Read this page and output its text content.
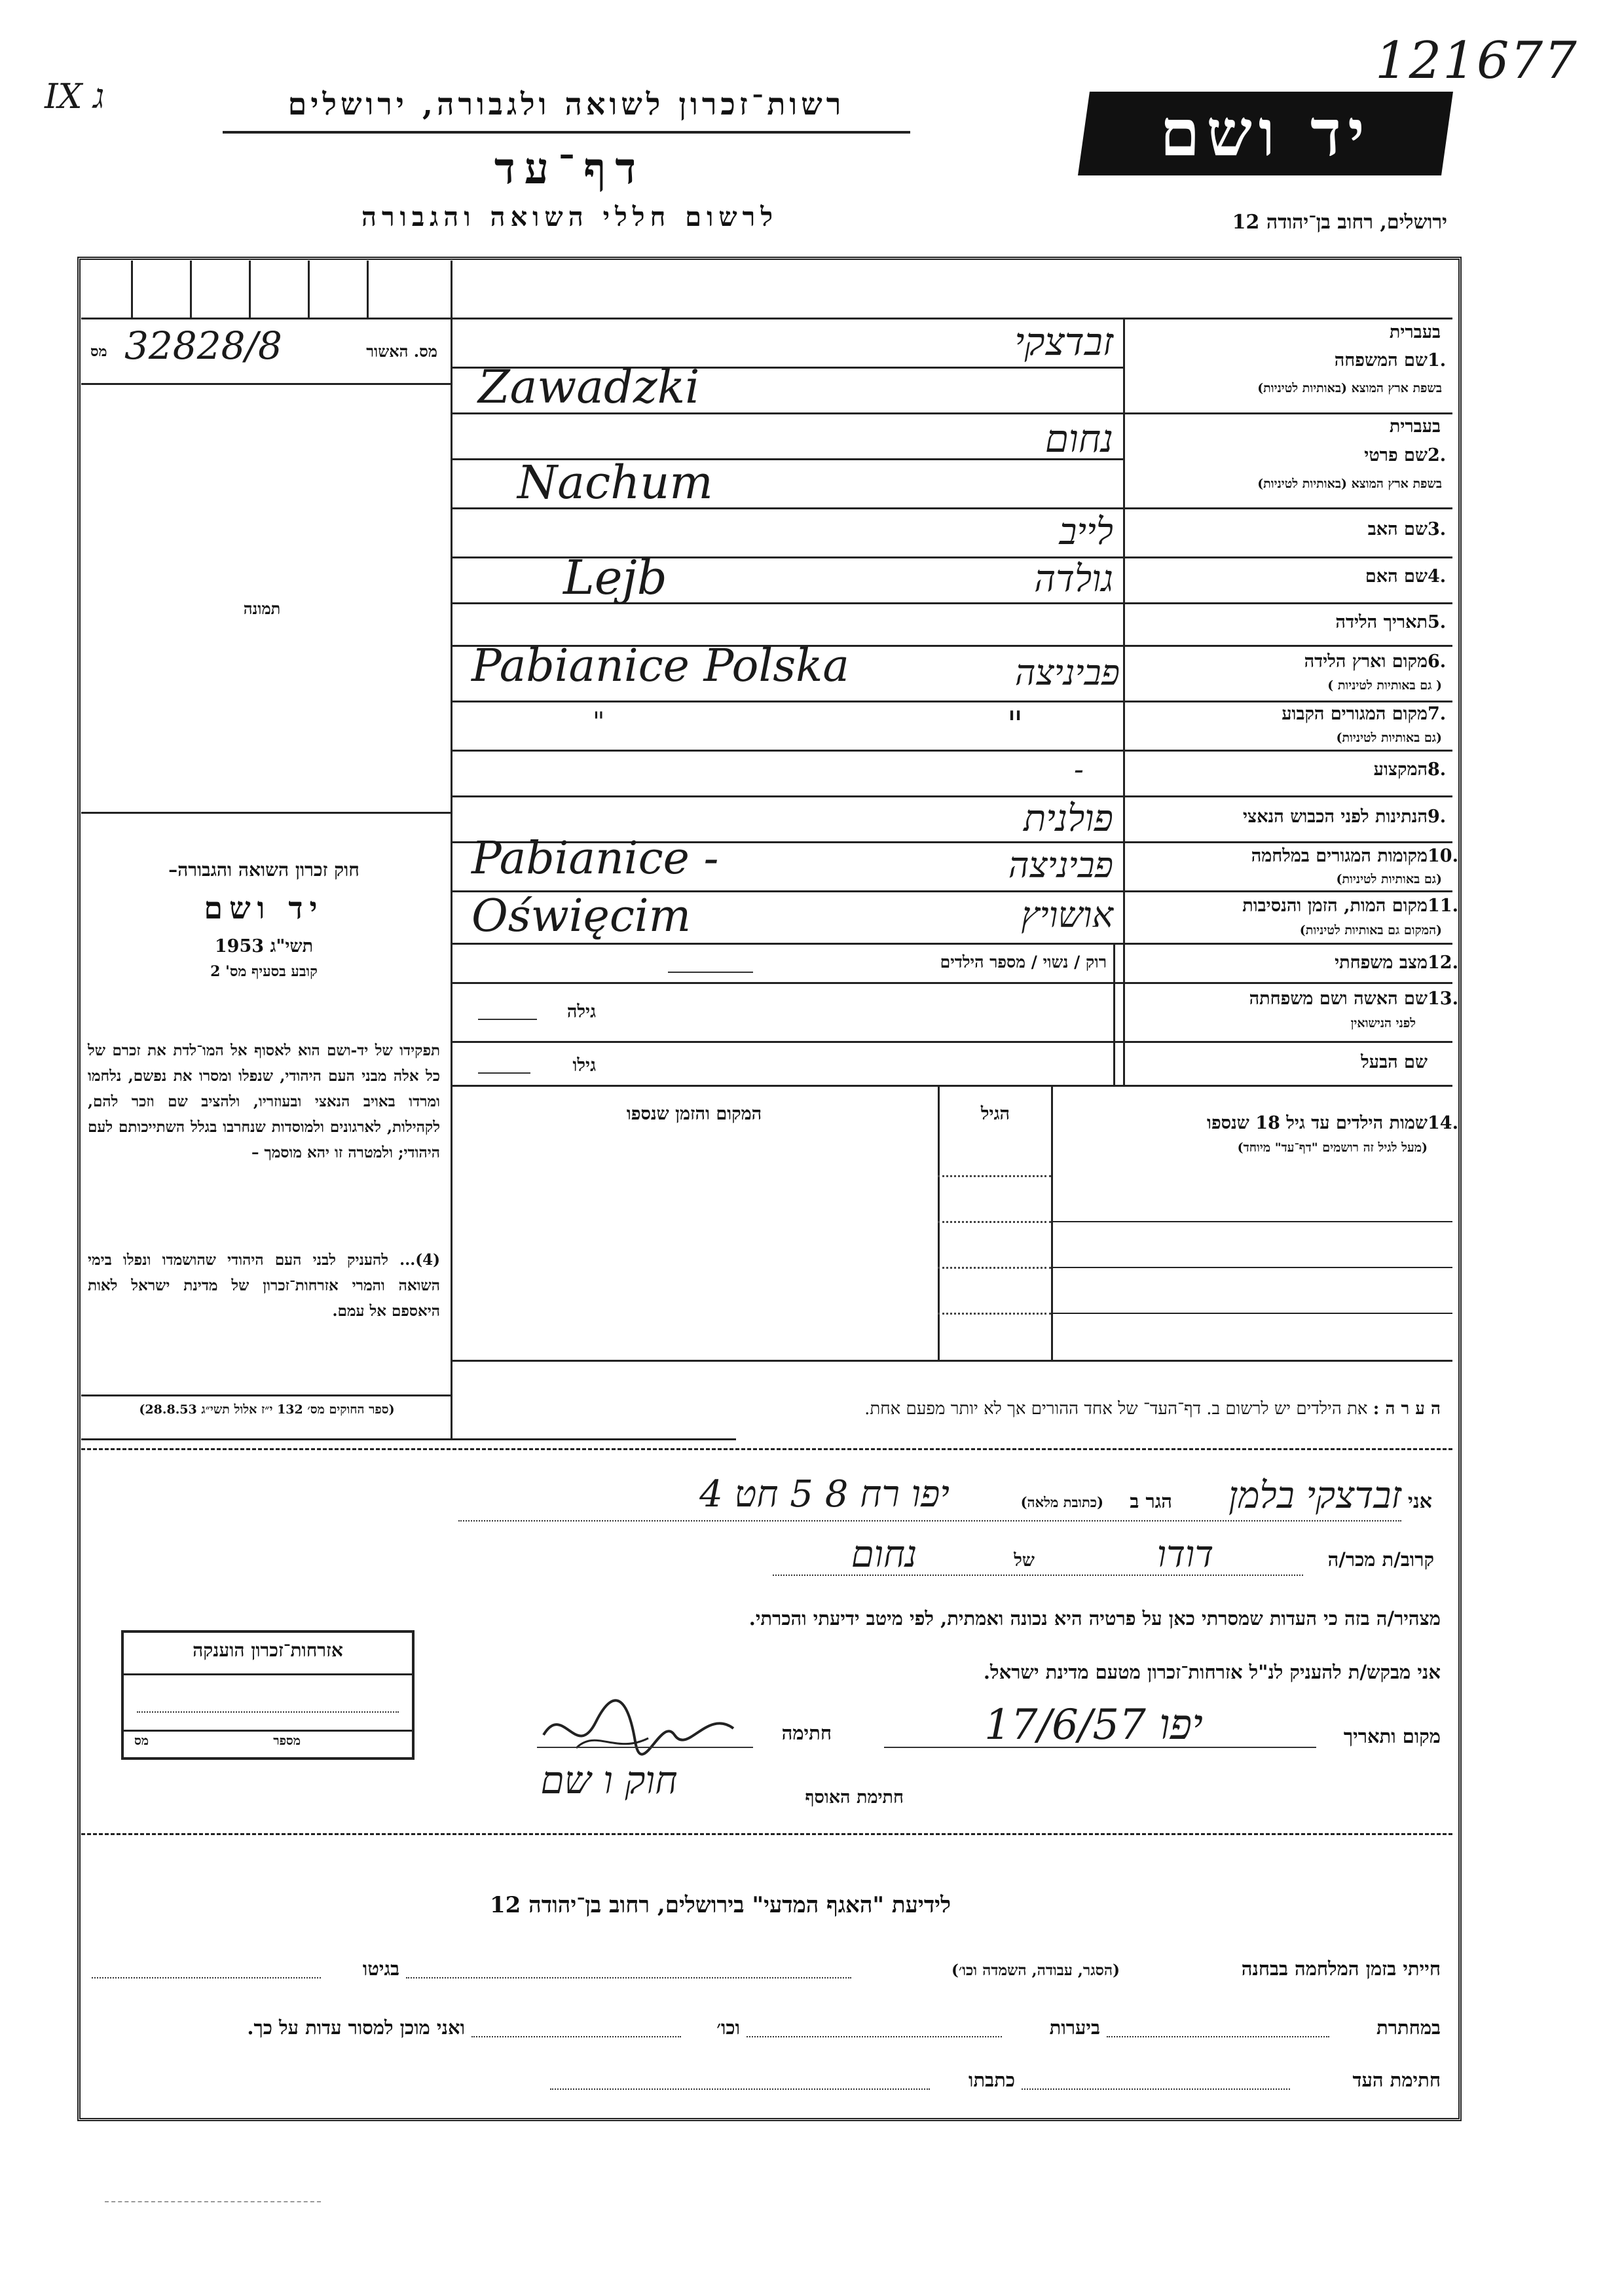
IX ג
121677
רשות־זכרון לשואה ולגבורה, ירושלים
דף־עד
לרשום חללי השואה והגבורה
יד ושם
ירושלים, רחוב בן־יהודה 12
מס. האשור
32828/8
מס
תמונה
חוק זכרון השואה והגבורה–
יד ושם
תשי"ג 1953
קובע בסעיף מס' 2
תפקידו של יד-ושם הוא לאסוף אל המו־לדת את זכרם של כל אלה מבני העם היהודי, שנפלו ומסרו את נפשם, נלחמו ומרדו באויב הנאצי ובעוזריו, ולהציב שם וזכר להם, לקהילות, לארגונים ולמוסדות שנחרבו בגלל השתייכותם לעם היהודי; ולמטרה זו יהא מוסמך –
(4)... להעניק לבני העם היהודי שהושמדו ונפלו בימי השואה והמרי אזרחות־זכרון של מדינת ישראל לאות היאספם אל עמם.
(ספר החוקים מס׳ 132 י״ז אלול תשי״ג 28.8.53)
בעברית
שם המשפחה 1.
בשפת ארץ המוצא (באותיות לטיניות)
זבדצקי
Zawadzki
בעברית
שם פרטי 2.
בשפת ארץ המוצא (באותיות לטיניות)
נחום
Nachum
שם האב 3.
לייב
שם האם 4.
גולדה
Lejb
תאריך הלידה 5.
מקום וארץ הלידה 6.
( גם באותיות לטיניות )
פביניצה
Pabianice Polska
מקום המגורים הקבוע 7.
(גם באותיות לטיניות)
"
"
המקצוע 8.
-
הנתינות לפני הכבוש הנאצי 9.
פולנית
מקומות המגורים במלחמה 10.
(גם באותיות לטיניות)
פביניצה
Pabianice -
מקום המות, הזמן והנסיבות 11.
(המקום גם באותיות לטיניות)
אושויץ
Oświęcim
מצב משפחתי 12.
רוק / נשוי / מספר הילדים
שם האשה ושם משפחתה 13.
לפני הנישואין
גילה
שם הבעל
גילו
14.
שמות הילדים עד גיל 18 שנספו
(מעל לגיל זה רושמים "דף־עד" מיוחד)
הגיל
המקום והזמן שנספו
ה ע ר ה : את הילדים יש לרשום ב. דף־העד־ של אחד ההורים אך לא יותר מפעם אחת.
אני
זבדצקי בלמן
הגר ב
(כתובת מלאה)
יפו רח 8 5 חט 4
קרוב/ת מכר/ה
דודו
של
נחום
מצהיר/ה בזה כי העדות שמסרתי כאן על פרטיה היא נכונה ואמתית, לפי מיטב ידיעתי והכרתי.
אני מבקש/ת להעניק לנ"ל אזרחות־זכרון מטעם מדינת ישראל.
מקום ותאריך
יפו 17/6/57
חתימה
חתימת האוסף
חוק ו שם
אזרחות־זכרון הוענקה
מספר
מס
לידיעת "האגף המדעי" בירושלים, רחוב בן־יהודה 12
חייתי בזמן המלחמה בבחנה
(הסגר, עבודה, השמדה וכו׳)
בגיטו
במחתרת
ביערות
וכו׳
ואני מוכן למסור עדות על כך.
חתימת העד
כתבתו
